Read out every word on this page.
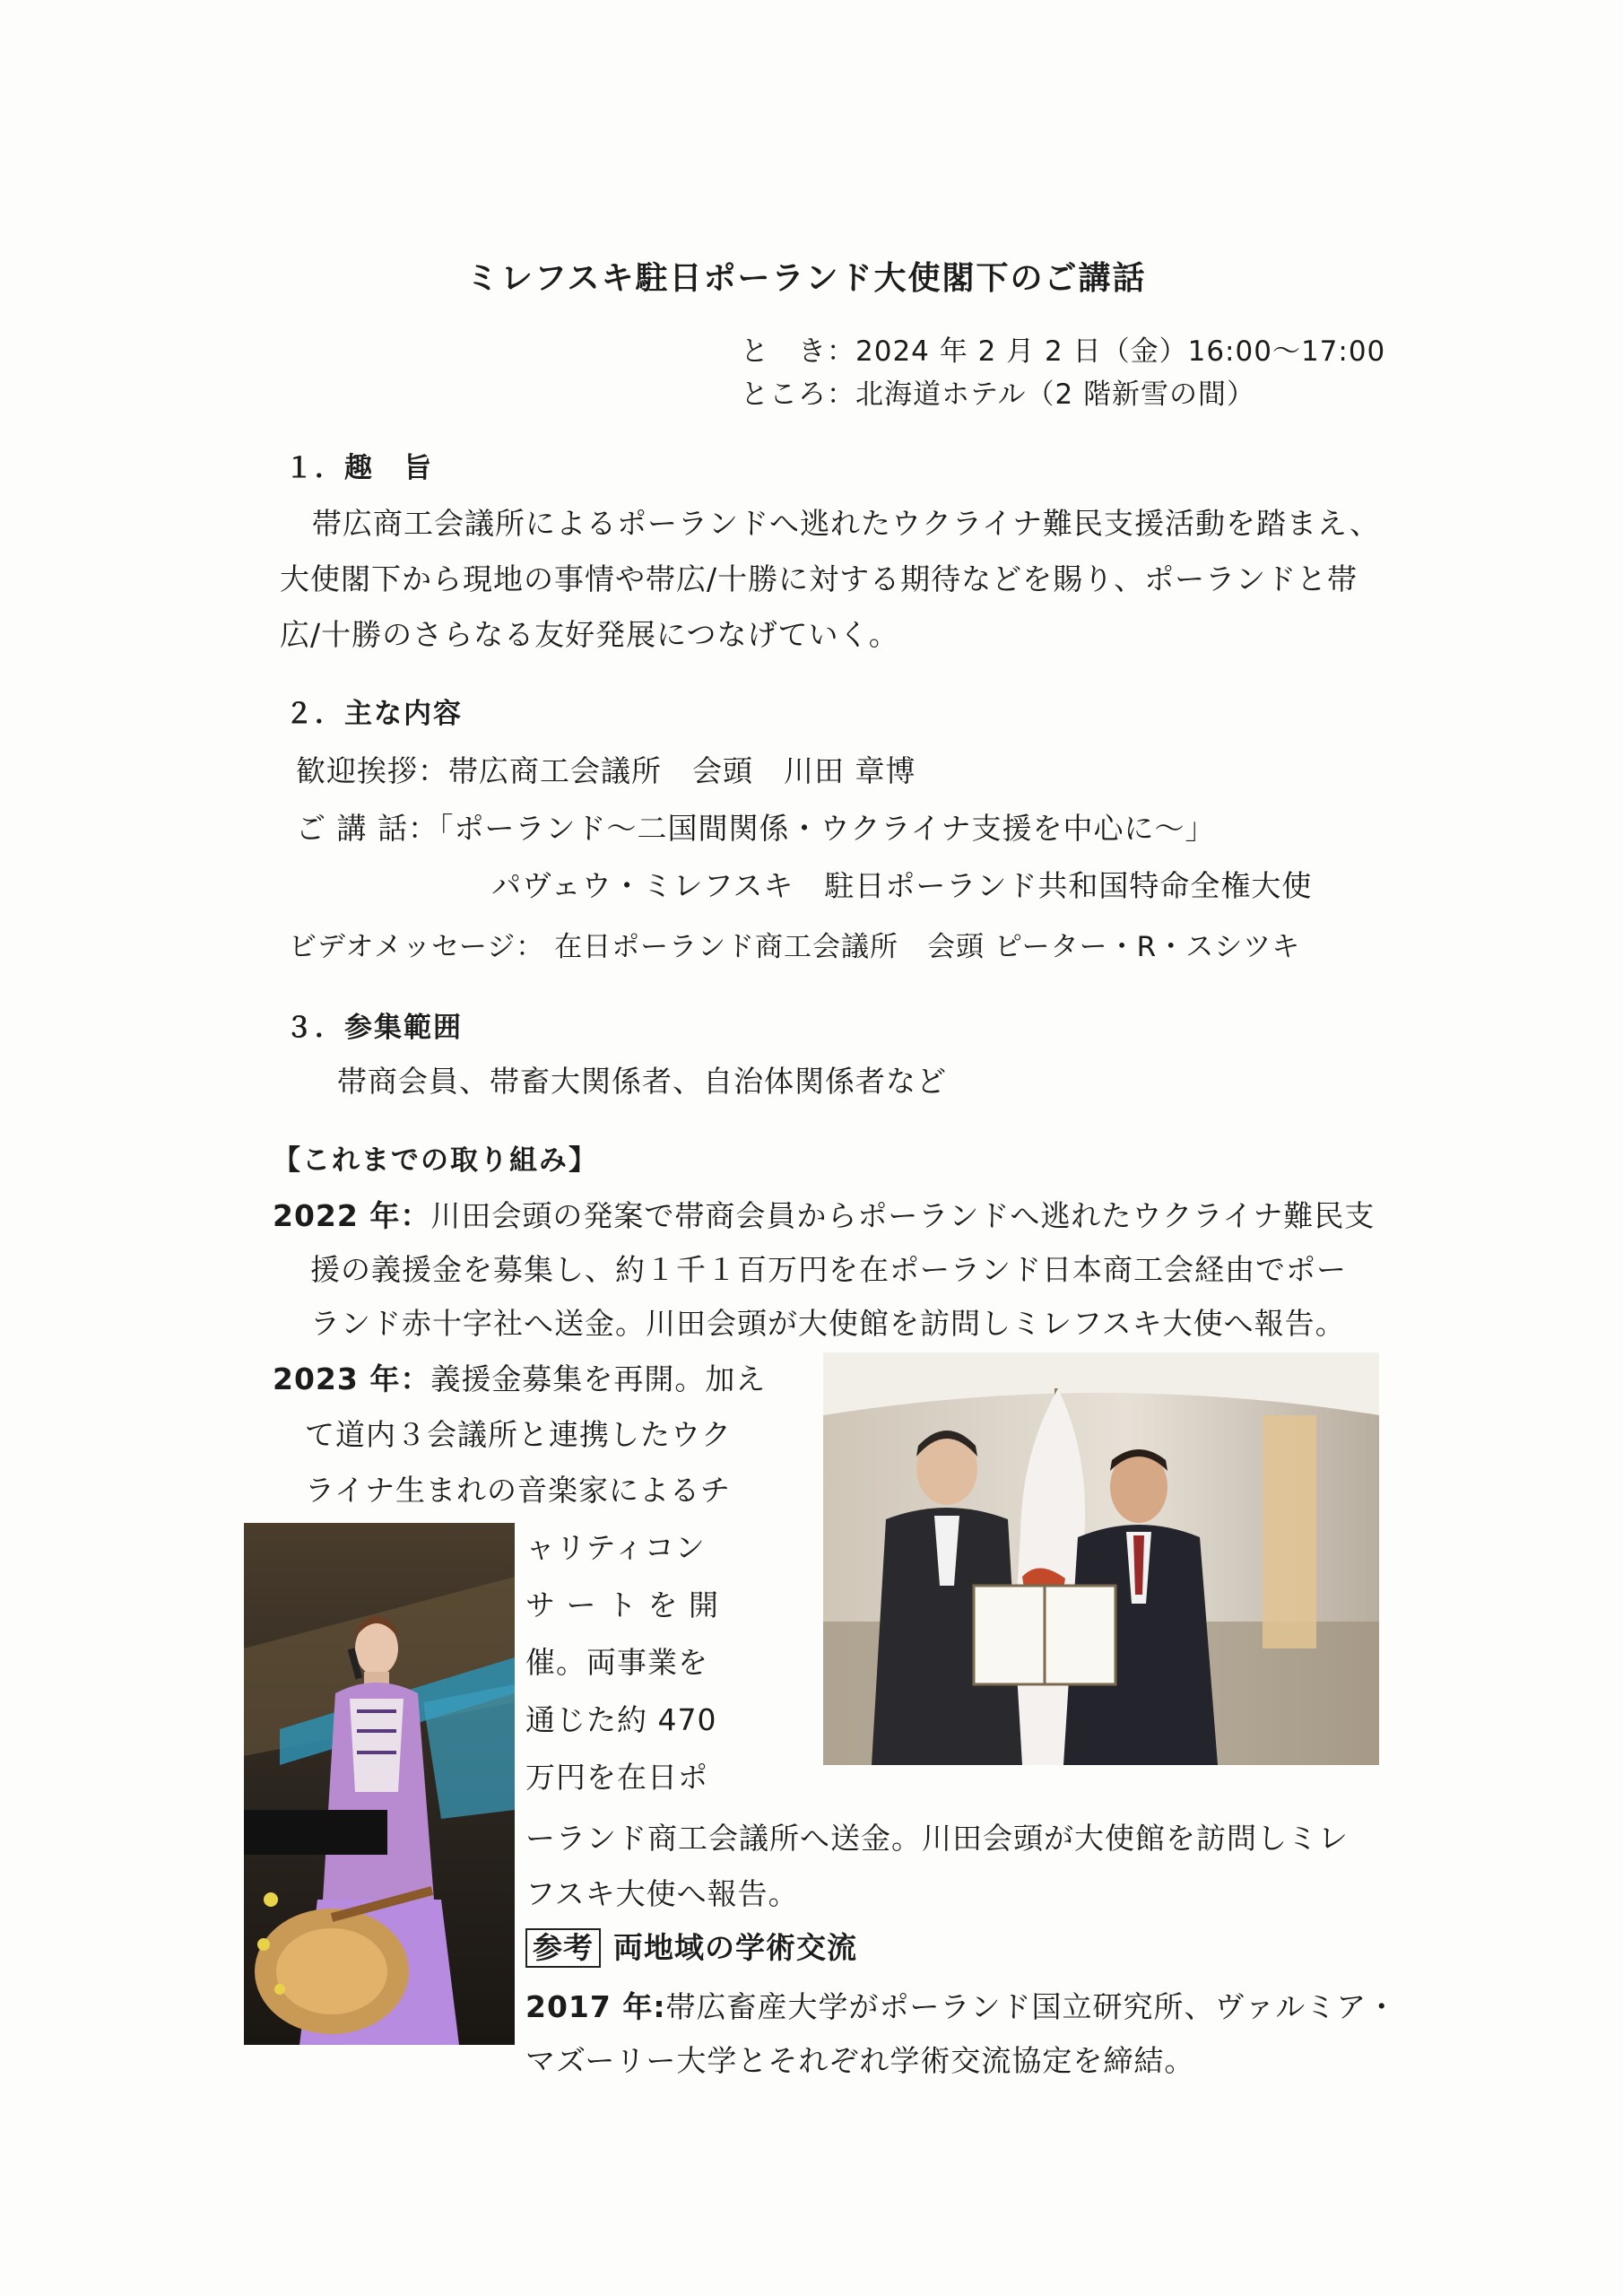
ミレフスキ駐日ポーランド大使閣下のご講話
と　き：2024 年 2 月 2 日（金）16:00～17:00
ところ：北海道ホテル（2 階新雪の間）
１．趣　旨
帯広商工会議所によるポーランドへ逃れたウクライナ難民支援活動を踏まえ、
大使閣下から現地の事情や帯広/十勝に対する期待などを賜り、ポーランドと帯
広/十勝のさらなる友好発展につなげていく。
２．主な内容
歓迎挨拶：帯広商工会議所　会頭　川田 章博
ご 講 話：「ポーランド～二国間関係・ウクライナ支援を中心に～」
パヴェウ・ミレフスキ　駐日ポーランド共和国特命全権大使
ビデオメッセージ： 在日ポーランド商工会議所　会頭 ピーター・R・スシツキ
３．参集範囲
帯商会員、帯畜大関係者、自治体関係者など
【これまでの取り組み】
2022 年：川田会頭の発案で帯商会員からポーランドへ逃れたウクライナ難民支
援の義援金を募集し、約１千１百万円を在ポーランド日本商工会経由でポー
ランド赤十字社へ送金。川田会頭が大使館を訪問しミレフスキ大使へ報告。
2023 年：義援金募集を再開。加え
て道内３会議所と連携したウク
ライナ生まれの音楽家によるチ
ャリティコン
サ ー ト を 開
催。両事業を
通じた約 470
万円を在日ポ
ーランド商工会議所へ送金。川田会頭が大使館を訪問しミレ
フスキ大使へ報告。
参考 両地域の学術交流
2017 年:帯広畜産大学がポーランド国立研究所、ヴァルミア・
マズーリー大学とそれぞれ学術交流協定を締結。
